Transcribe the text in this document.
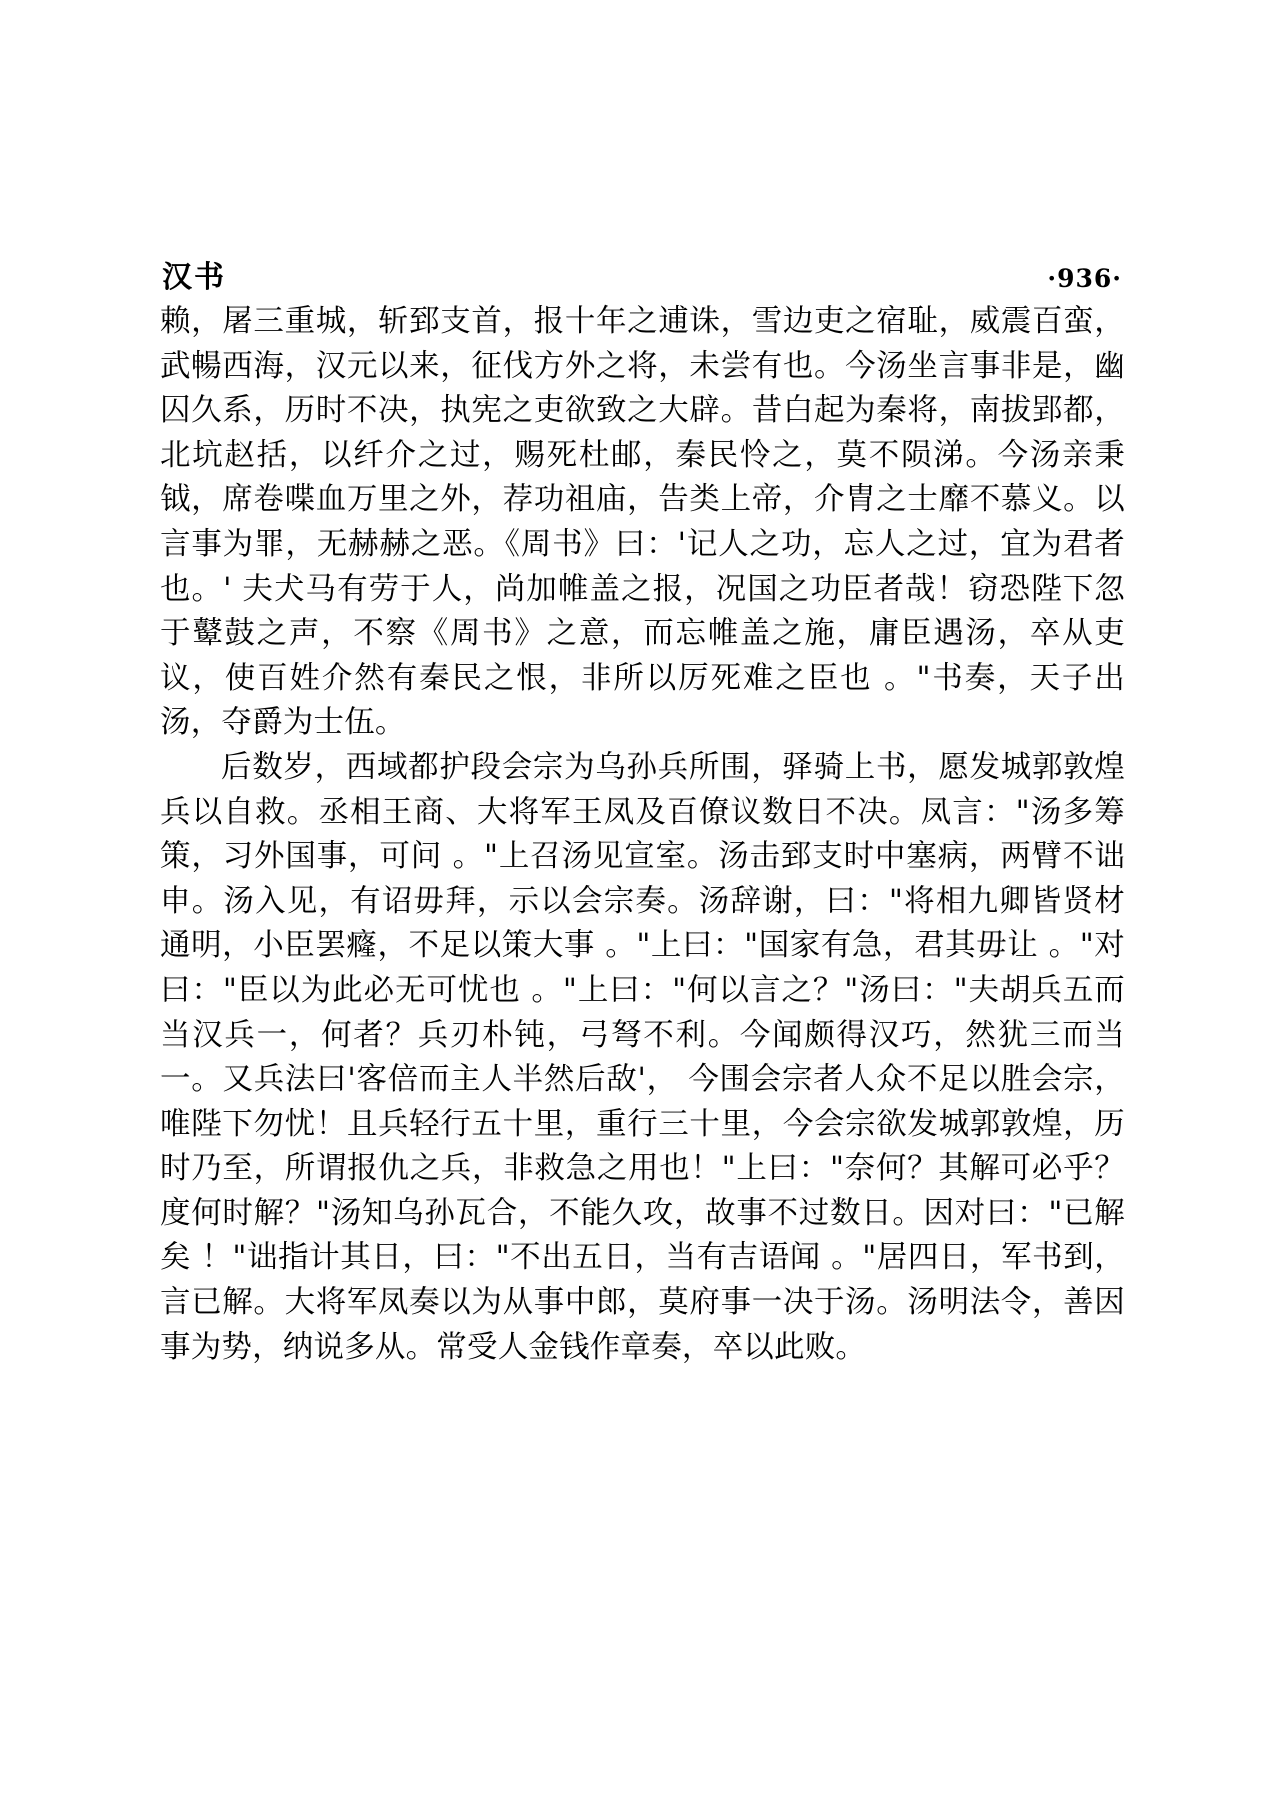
汉书	·936·

赖，屠三重城，斩郅支首，报十年之逋诛，雪边吏之宿耻，威震百蛮，武暢西海，汉元以来，征伐方外之将，未尝有也。今汤坐言事非是，幽囚久系，历时不决，执宪之吏欲致之大辟。昔白起为秦将，南拔郢都，北坑赵括，以纤介之过，赐死杜邮，秦民怜之，莫不陨涕。今汤亲秉钺，席卷喋血万里之外，荐功祖庙，告类上帝，介胄之士靡不慕义。以言事为罪，无赫赫之恶。《周书》曰：'记人之功，忘人之过，宜为君者也。' 夫犬马有劳于人，尚加帷盖之报，况国之功臣者哉！窃恐陛下忽于鼙鼓之声，不察《周书》之意，而忘帷盖之施，庸臣遇汤，卒从吏议，使百姓介然有秦民之恨，非所以厉死难之臣也 。"书奏，天子出汤，夺爵为士伍。

后数岁，西域都护段会宗为乌孙兵所围，驿骑上书，愿发城郭敦煌兵以自救。丞相王商、大将军王凤及百僚议数日不决。凤言："汤多筹策，习外国事，可问 。"上召汤见宣室。汤击郅支时中塞病，两臂不诎申。汤入见，有诏毋拜，示以会宗奏。汤辞谢，曰："将相九卿皆贤材通明，小臣罢癃，不足以策大事 。"上曰："国家有急，君其毋让 。"对曰："臣以为此必无可忧也 。"上曰："何以言之？"汤曰："夫胡兵五而当汉兵一，何者？兵刃朴钝，弓弩不利。今闻颇得汉巧，然犹三而当一。又兵法曰'客倍而主人半然后敌'， 今围会宗者人众不足以胜会宗，唯陛下勿忧！且兵轻行五十里，重行三十里，今会宗欲发城郭敦煌，历时乃至，所谓报仇之兵，非救急之用也！"上曰："奈何？其解可必乎？度何时解？"汤知乌孙瓦合，不能久攻，故事不过数日。因对曰："已解矣 ！"诎指计其日，曰："不出五日，当有吉语闻 。"居四日，军书到，言已解。大将军凤奏以为从事中郎，莫府事一决于汤。汤明法令，善因事为势，纳说多从。常受人金钱作章奏，卒以此败。
